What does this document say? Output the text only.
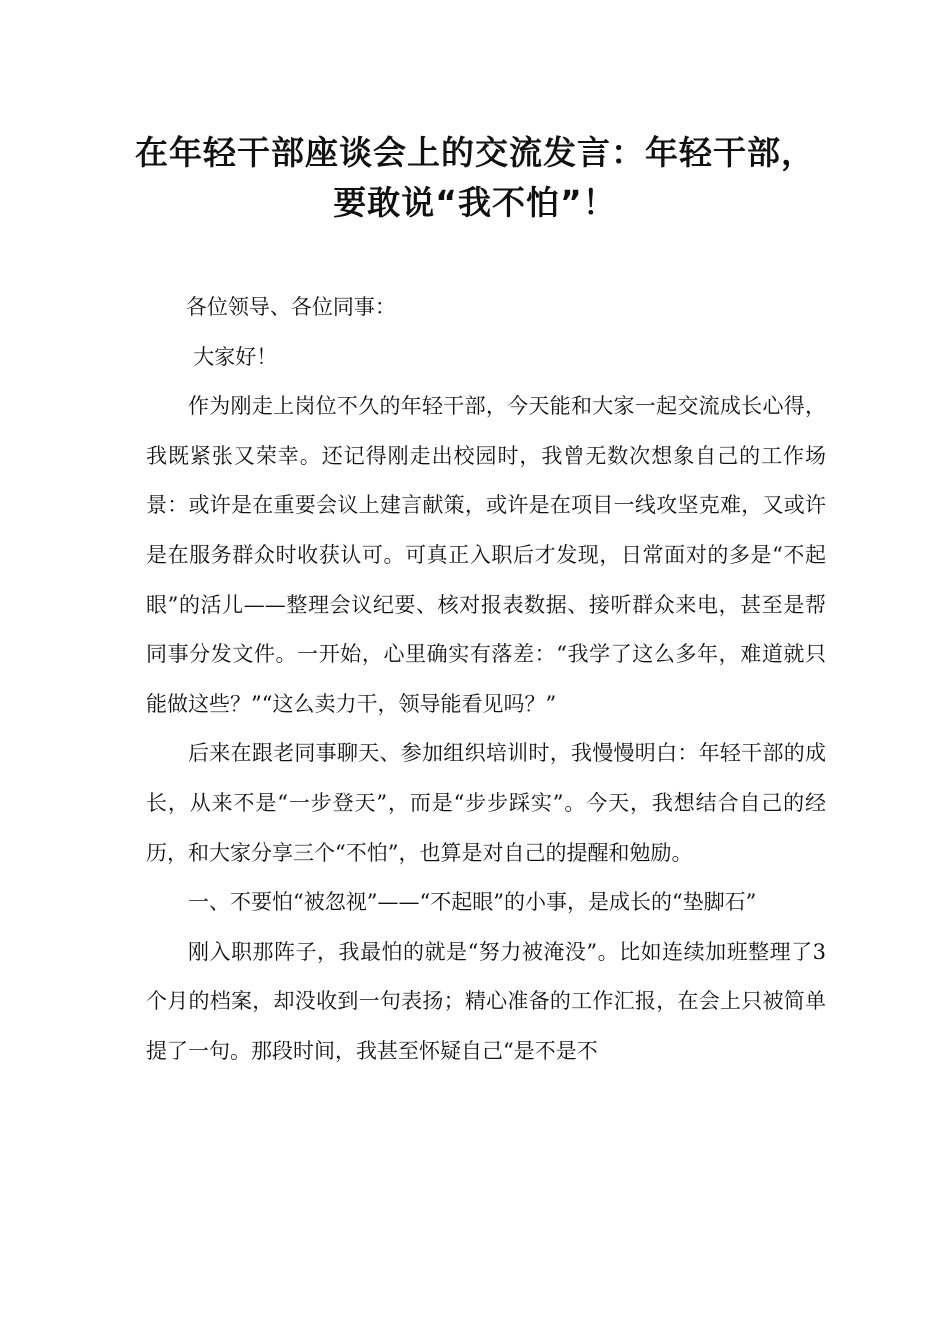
在年轻干部座谈会上的交流发言：年轻干部，要敢说“我不怕”！

各位领导、各位同事：

大家好！

作为刚走上岗位不久的年轻干部，今天能和大家一起交流成长心得，我既紧张又荣幸。还记得刚走出校园时，我曾无数次想象自己的工作场景：或许是在重要会议上建言献策，或许是在项目一线攻坚克难，又或许是在服务群众时收获认可。可真正入职后才发现，日常面对的多是“不起眼”的活儿——整理会议纪要、核对报表数据、接听群众来电，甚至是帮同事分发文件。一开始，心里确实有落差：“我学了这么多年，难道就只能做这些？”“这么卖力干，领导能看见吗？”

后来在跟老同事聊天、参加组织培训时，我慢慢明白：年轻干部的成长，从来不是“一步登天”，而是“步步踩实”。今天，我想结合自己的经历，和大家分享三个“不怕”，也算是对自己的提醒和勉励。

一、不要怕“被忽视”——“不起眼”的小事，是成长的“垫脚石”

刚入职那阵子，我最怕的就是“努力被淹没”。比如连续加班整理了3个月的档案，却没收到一句表扬；精心准备的工作汇报，在会上只被简单提了一句。那段时间，我甚至怀疑自己“是不是不
